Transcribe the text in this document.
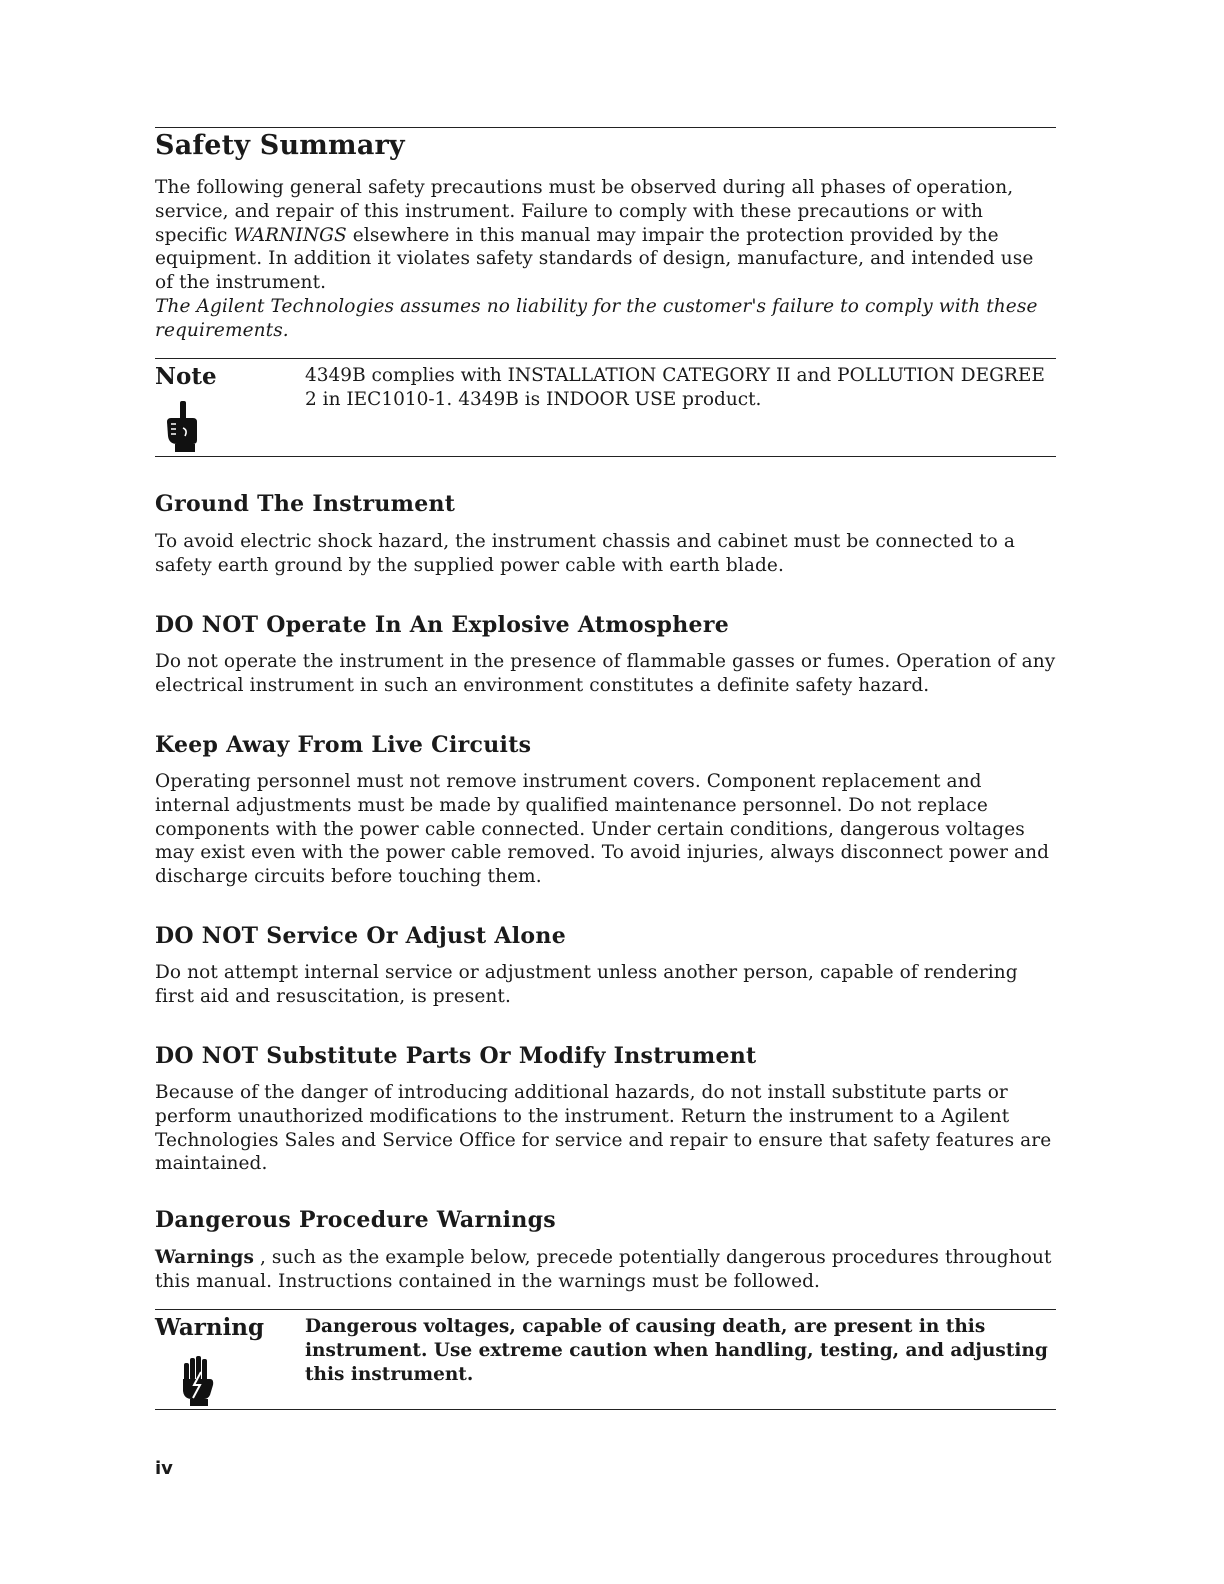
Safety Summary

The following general safety precautions must be observed during all phases of operation, service, and repair of this instrument. Failure to comply with these precautions or with specific WARNINGS elsewhere in this manual may impair the protection provided by the equipment. In addition it violates safety standards of design, manufacture, and intended use of the instrument.

The Agilent Technologies assumes no liability for the customer's failure to comply with these requirements.

Note	4349B complies with INSTALLATION CATEGORY II and POLLUTION DEGREE 2 in IEC1010-1. 4349B is INDOOR USE product.

Ground The Instrument

To avoid electric shock hazard, the instrument chassis and cabinet must be connected to a safety earth ground by the supplied power cable with earth blade.

DO NOT Operate In An Explosive Atmosphere

Do not operate the instrument in the presence of flammable gasses or fumes. Operation of any electrical instrument in such an environment constitutes a definite safety hazard.

Keep Away From Live Circuits

Operating personnel must not remove instrument covers. Component replacement and internal adjustments must be made by qualified maintenance personnel. Do not replace components with the power cable connected. Under certain conditions, dangerous voltages may exist even with the power cable removed. To avoid injuries, always disconnect power and discharge circuits before touching them.

DO NOT Service Or Adjust Alone

Do not attempt internal service or adjustment unless another person, capable of rendering first aid and resuscitation, is present.

DO NOT Substitute Parts Or Modify Instrument

Because of the danger of introducing additional hazards, do not install substitute parts or perform unauthorized modifications to the instrument. Return the instrument to a Agilent Technologies Sales and Service Office for service and repair to ensure that safety features are maintained.

Dangerous Procedure Warnings

Warnings , such as the example below, precede potentially dangerous procedures throughout this manual. Instructions contained in the warnings must be followed.

Warning Dangerous voltages, capable of causing death, are present in this instrument. Use extreme caution when handling, testing, and adjusting this instrument.

iv
